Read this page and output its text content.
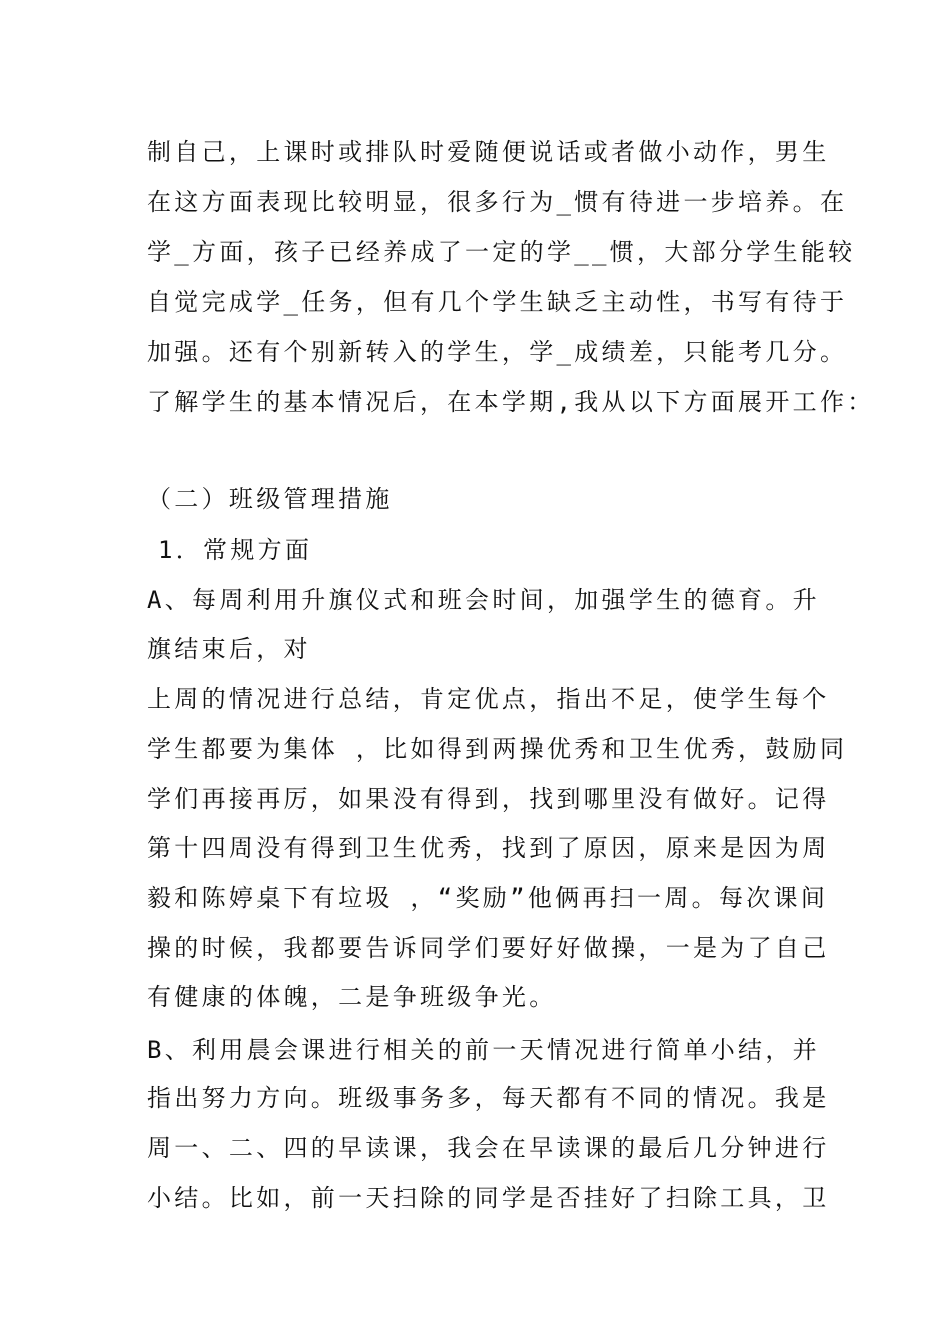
制自己，上课时或排队时爱随便说话或者做小动作，男生
在这方面表现比较明显，很多行为_惯有待进一步培养。在
学_方面，孩子已经养成了一定的学__惯，大部分学生能较
自觉完成学_任务，但有几个学生缺乏主动性，书写有待于
加强。还有个别新转入的学生，学_成绩差，只能考几分。
了解学生的基本情况后，在本学期,我从以下方面展开工作：
（二）班级管理措施
1．常规方面
A、每周利用升旗仪式和班会时间，加强学生的德育。升
旗结束后，对
上周的情况进行总结，肯定优点，指出不足，使学生每个
学生都要为集体 ，比如得到两操优秀和卫生优秀，鼓励同
学们再接再厉，如果没有得到，找到哪里没有做好。记得
第十四周没有得到卫生优秀，找到了原因，原来是因为周
毅和陈婷桌下有垃圾 ，“奖励”他俩再扫一周。每次课间
操的时候，我都要告诉同学们要好好做操，一是为了自己
有健康的体魄，二是争班级争光。
B、利用晨会课进行相关的前一天情况进行简单小结，并
指出努力方向。班级事务多，每天都有不同的情况。我是
周一、二、四的早读课，我会在早读课的最后几分钟进行
小结。比如，前一天扫除的同学是否挂好了扫除工具，卫
